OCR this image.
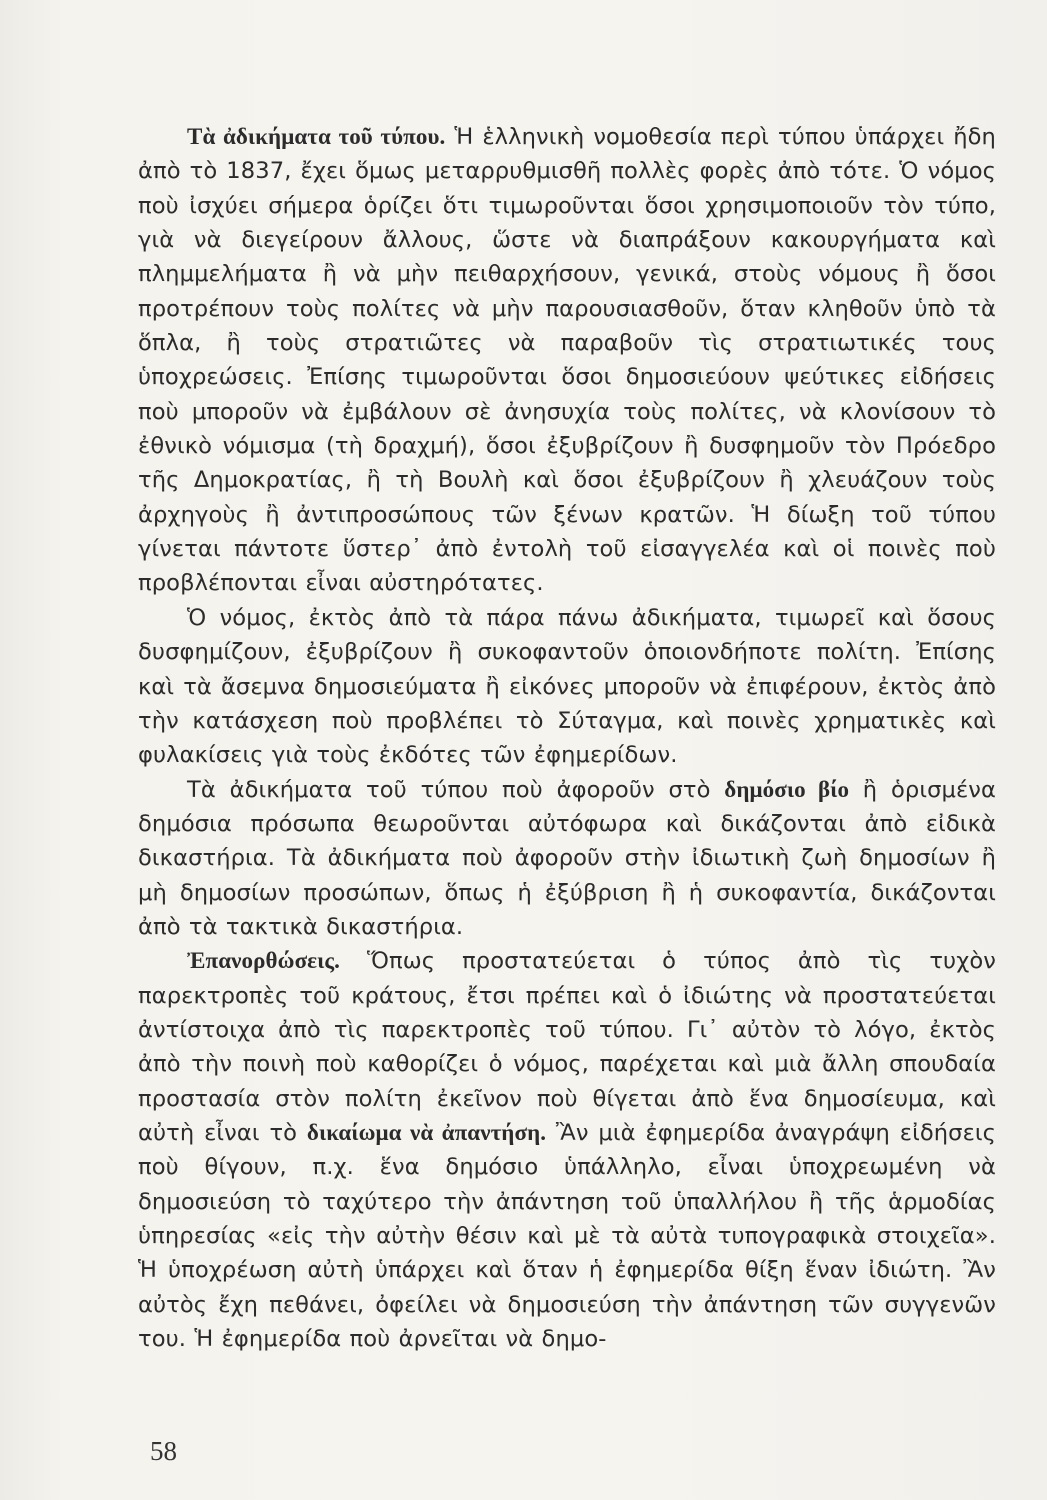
Τὰ ἀδικήματα τοῦ τύπου. Ἡ ἑλληνικὴ νομοθεσία περὶ τύπου ὑπάρχει ἤδη ἀπὸ τὸ 1837, ἔχει ὅμως μεταρρυθμισθῆ πολλὲς φορὲς ἀπὸ τότε. Ὁ νόμος ποὺ ἰσχύει σήμερα ὁρίζει ὅτι τιμωροῦνται ὅσοι χρησιμοποιοῦν τὸν τύπο, γιὰ νὰ διεγείρουν ἄλλους, ὥστε νὰ διαπράξουν κακουργήματα καὶ πλημμελήματα ἢ νὰ μὴν πειθαρχήσουν, γενικά, στοὺς νόμους ἢ ὅσοι προτρέπουν τοὺς πολίτες νὰ μὴν παρουσιασθοῦν, ὅταν κληθοῦν ὑπὸ τὰ ὅπλα, ἢ τοὺς στρατιῶτες νὰ παραβοῦν τὶς στρατιωτικές τους ὑποχρεώσεις. Ἐπίσης τιμωροῦνται ὅσοι δημοσιεύουν ψεύτικες εἰδήσεις ποὺ μποροῦν νὰ ἐμβάλουν σὲ ἀνησυχία τοὺς πολίτες, νὰ κλονίσουν τὸ ἐθνικὸ νόμισμα (τὴ δραχμή), ὅσοι ἐξυβρίζουν ἢ δυσφημοῦν τὸν Πρόεδρο τῆς Δημοκρατίας, ἢ τὴ Βουλὴ καὶ ὅσοι ἐξυβρίζουν ἢ χλευάζουν τοὺς ἀρχηγοὺς ἢ ἀντιπροσώπους τῶν ξένων κρατῶν. Ἡ δίωξη τοῦ τύπου γίνεται πάντοτε ὕστερ᾽ ἀπὸ ἐντολὴ τοῦ εἰσαγγελέα καὶ οἱ ποινὲς ποὺ προβλέπονται εἶναι αὐστηρότατες.

Ὁ νόμος, ἐκτὸς ἀπὸ τὰ πάρα πάνω ἀδικήματα, τιμωρεῖ καὶ ὅσους δυσφημίζουν, ἐξυβρίζουν ἢ συκοφαντοῦν ὁποιονδήποτε πολίτη. Ἐπίσης καὶ τὰ ἄσεμνα δημοσιεύματα ἢ εἰκόνες μποροῦν νὰ ἐπιφέρουν, ἐκτὸς ἀπὸ τὴν κατάσχεση ποὺ προβλέπει τὸ Σύταγμα, καὶ ποινὲς χρηματικὲς καὶ φυλακίσεις γιὰ τοὺς ἐκδότες τῶν ἐφημερίδων.

Τὰ ἀδικήματα τοῦ τύπου ποὺ ἀφοροῦν στὸ δημόσιο βίο ἢ ὁρισμένα δημόσια πρόσωπα θεωροῦνται αὐτόφωρα καὶ δικάζονται ἀπὸ εἰδικὰ δικαστήρια. Τὰ ἀδικήματα ποὺ ἀφοροῦν στὴν ἰδιωτικὴ ζωὴ δημοσίων ἢ μὴ δημοσίων προσώπων, ὅπως ἡ ἐξύβριση ἢ ἡ συκοφαντία, δικάζονται ἀπὸ τὰ τακτικὰ δικαστήρια.

Ἐπανορθώσεις. Ὅπως προστατεύεται ὁ τύπος ἀπὸ τὶς τυχὸν παρεκτροπὲς τοῦ κράτους, ἔτσι πρέπει καὶ ὁ ἰδιώτης νὰ προστατεύεται ἀντίστοιχα ἀπὸ τὶς παρεκτροπὲς τοῦ τύπου. Γι᾽ αὐτὸν τὸ λόγο, ἐκτὸς ἀπὸ τὴν ποινὴ ποὺ καθορίζει ὁ νόμος, παρέχεται καὶ μιὰ ἄλλη σπουδαία προστασία στὸν πολίτη ἐκεῖνον ποὺ θίγεται ἀπὸ ἕνα δημοσίευμα, καὶ αὐτὴ εἶναι τὸ δικαίωμα νὰ ἀπαντήση. Ἂν μιὰ ἐφημερίδα ἀναγράψη εἰδήσεις ποὺ θίγουν, π.χ. ἕνα δημόσιο ὑπάλληλο, εἶναι ὑποχρεωμένη νὰ δημοσιεύση τὸ ταχύτερο τὴν ἀπάντηση τοῦ ὑπαλλήλου ἢ τῆς ἁρμοδίας ὑπηρεσίας «εἰς τὴν αὐτὴν θέσιν καὶ μὲ τὰ αὐτὰ τυπογραφικὰ στοιχεῖα». Ἡ ὑποχρέωση αὐτὴ ὑπάρχει καὶ ὅταν ἡ ἐφημερίδα θίξη ἕναν ἰδιώτη. Ἂν αὐτὸς ἔχη πεθάνει, ὀφείλει νὰ δημοσιεύση τὴν ἀπάντηση τῶν συγγενῶν του. Ἡ ἐφημερίδα ποὺ ἀρνεῖται νὰ δημο-

58
